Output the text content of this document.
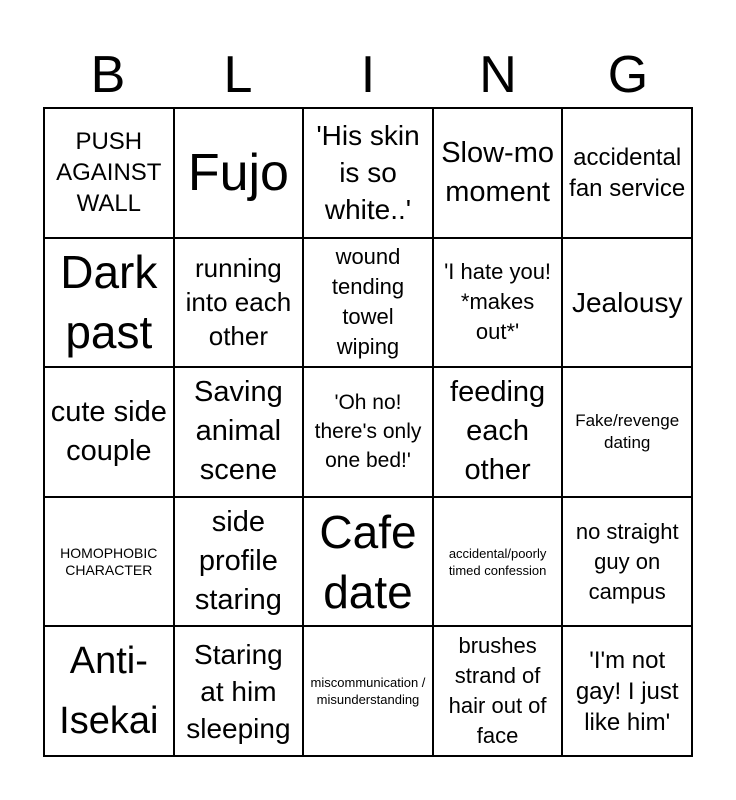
B	L	I	N	G
PUSH AGAINST WALL
Fujo
'His skin is so white..'
Slow-mo moment
accidental fan service
Dark past
running into each other
wound tending towel wiping
'I hate you! *makes out*'
Jealousy
cute side couple
Saving animal scene
'Oh no! there's only one bed!'
feeding each other
Fake/revenge dating
HOMOPHOBIC CHARACTER
side profile staring
Cafe date
accidental/poorly timed confession
no straight guy on campus
Anti-Isekai
Staring at him sleeping
miscommunication / misunderstanding
brushes strand of hair out of face
'I'm not gay! I just like him'
